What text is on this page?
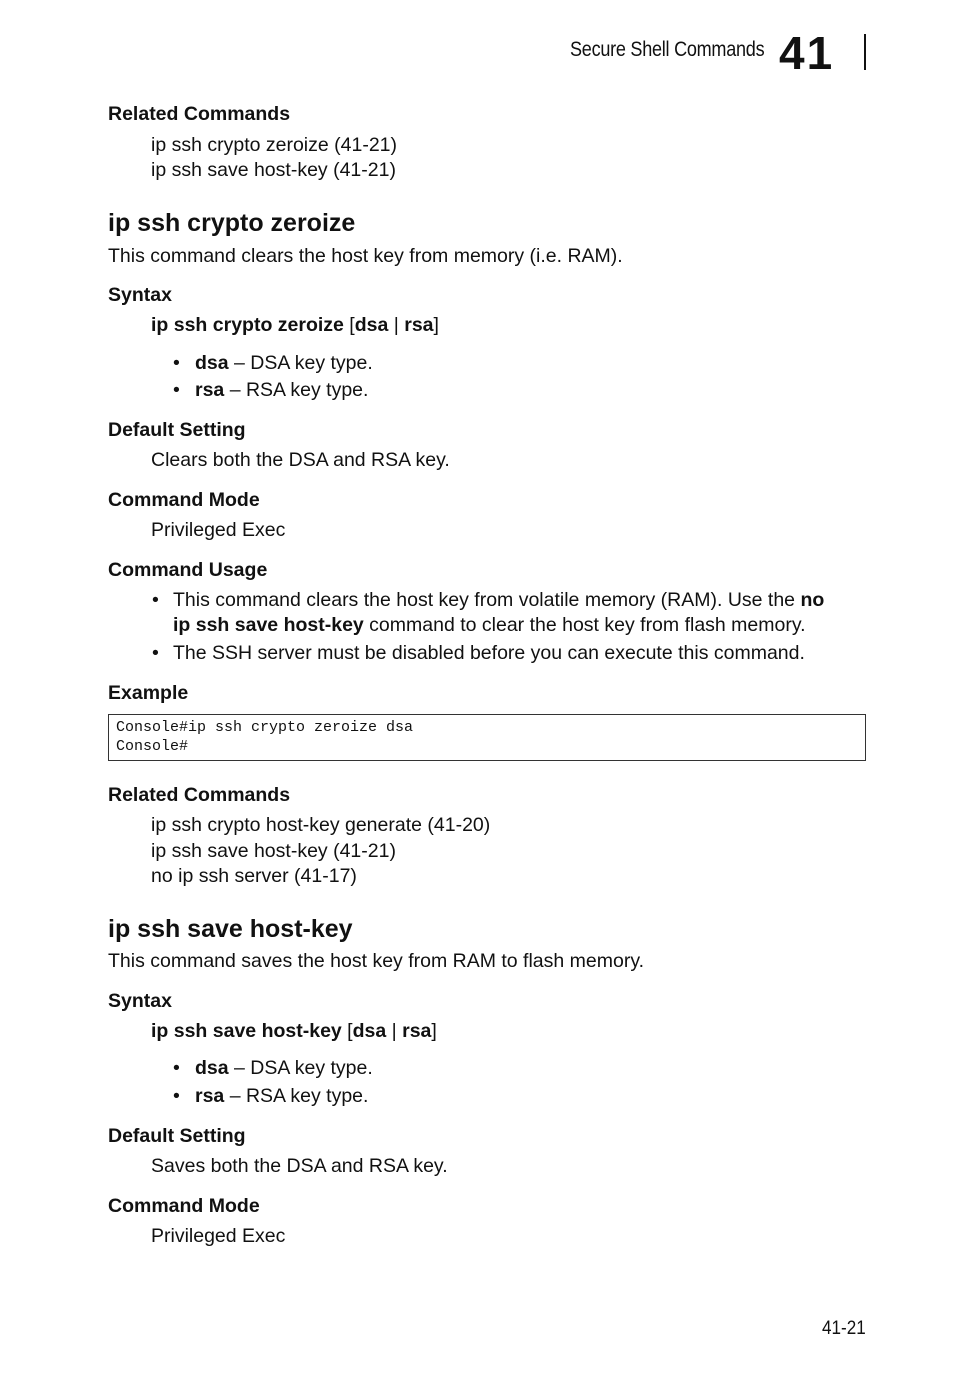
Secure Shell Commands 41
Related Commands
ip ssh crypto zeroize (41-21)
ip ssh save host-key (41-21)
ip ssh crypto zeroize
This command clears the host key from memory (i.e. RAM).
Syntax
ip ssh crypto zeroize [dsa | rsa]
• dsa – DSA key type.
• rsa – RSA key type.
Default Setting
Clears both the DSA and RSA key.
Command Mode
Privileged Exec
Command Usage
• This command clears the host key from volatile memory (RAM). Use the no
ip ssh save host-key command to clear the host key from flash memory.
• The SSH server must be disabled before you can execute this command.
Example
Console#ip ssh crypto zeroize dsa
Console#
Related Commands
ip ssh crypto host-key generate (41-20)
ip ssh save host-key (41-21)
no ip ssh server (41-17)
ip ssh save host-key
This command saves the host key from RAM to flash memory.
Syntax
ip ssh save host-key [dsa | rsa]
• dsa – DSA key type.
• rsa – RSA key type.
Default Setting
Saves both the DSA and RSA key.
Command Mode
Privileged Exec
41-21
